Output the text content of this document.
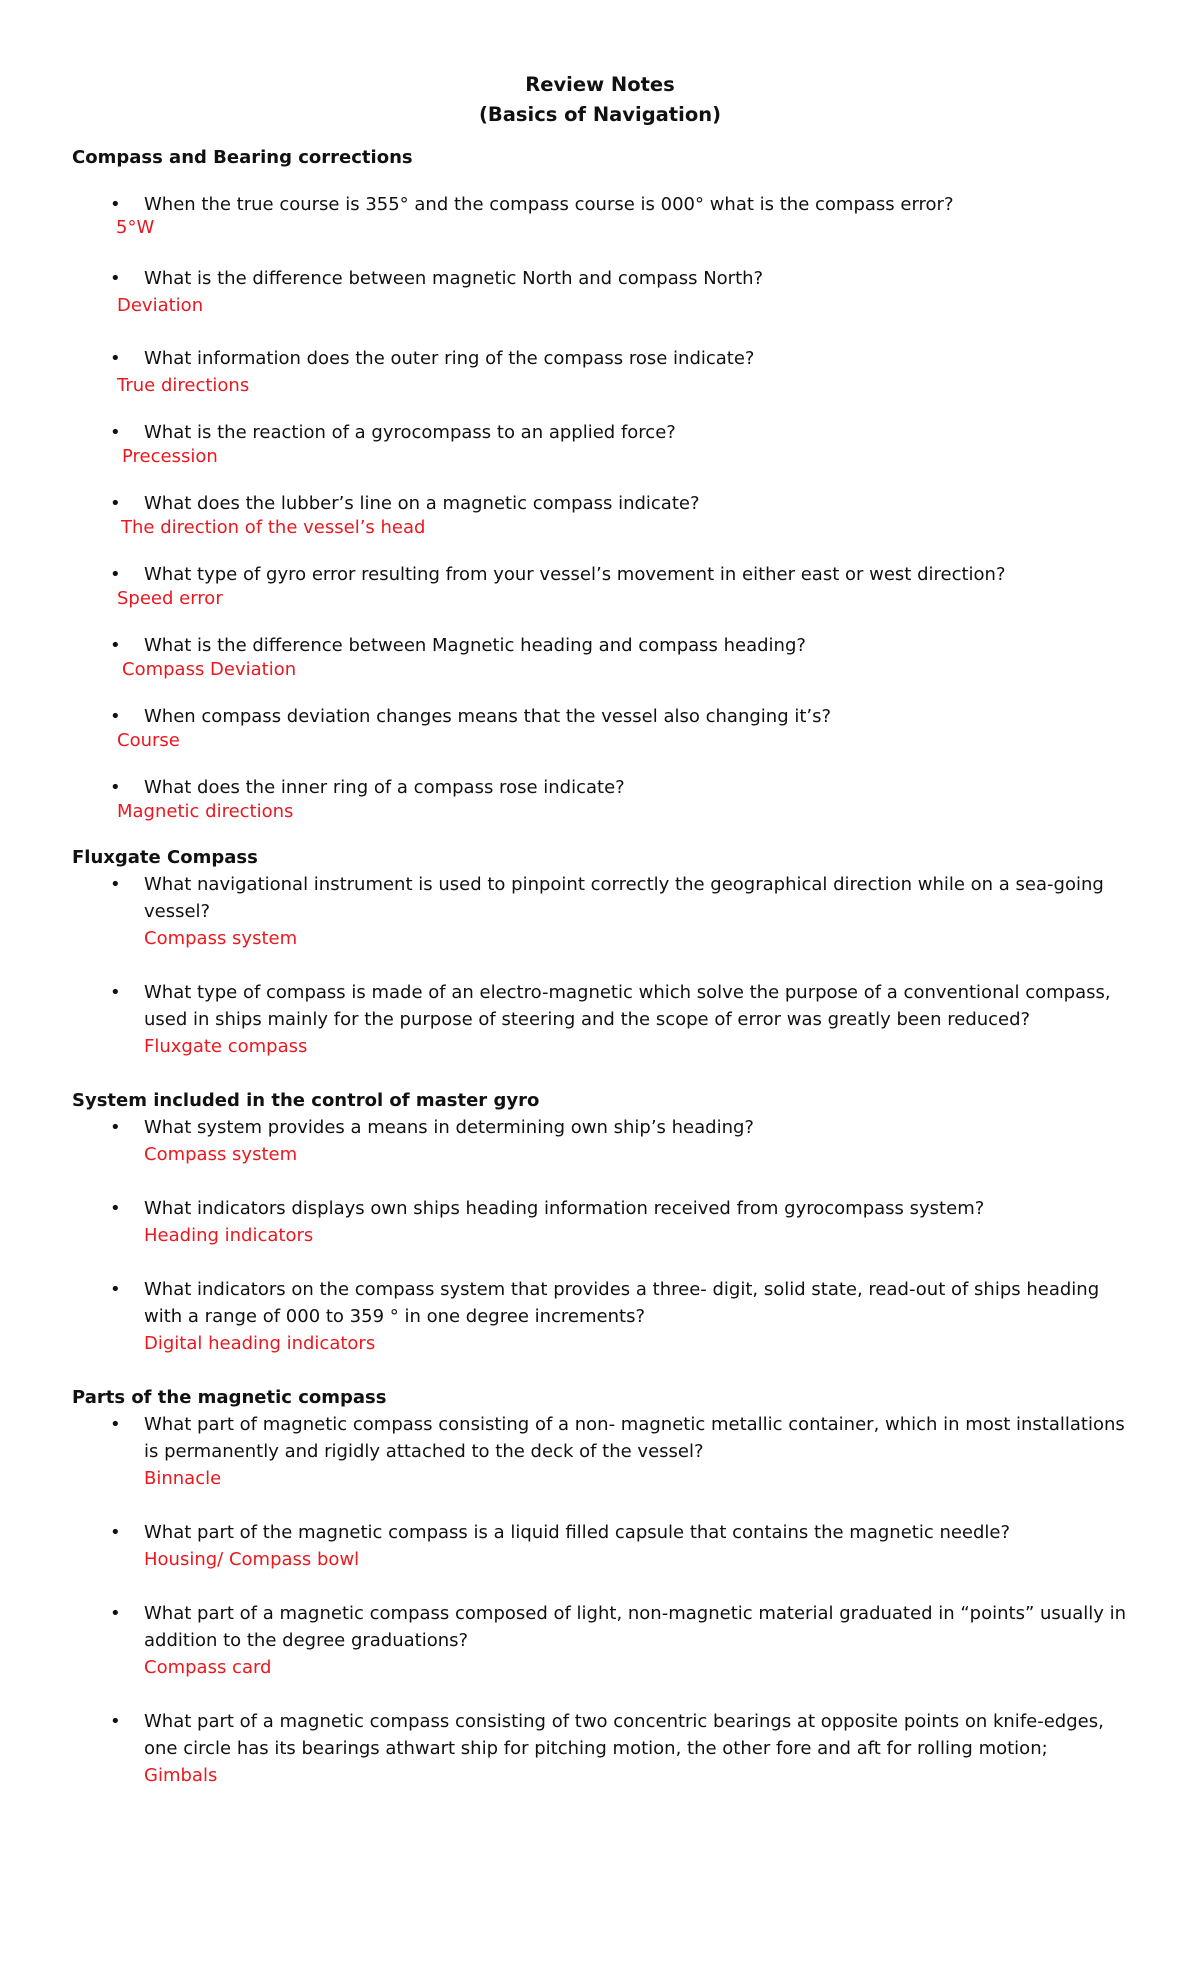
Review Notes
(Basics of Navigation)
Compass and Bearing corrections
• When the true course is 355° and the compass course is 000° what is the compass error?
5°W
• What is the difference between magnetic North and compass North?
Deviation
• What information does the outer ring of the compass rose indicate?
True directions
• What is the reaction of a gyrocompass to an applied force?
Precession
• What does the lubber’s line on a magnetic compass indicate?
The direction of the vessel’s head
• What type of gyro error resulting from your vessel’s movement in either east or west direction?
Speed error
• What is the difference between Magnetic heading and compass heading?
Compass Deviation
• When compass deviation changes means that the vessel also changing it’s?
Course
• What does the inner ring of a compass rose indicate?
Magnetic directions
Fluxgate Compass
• What navigational instrument is used to pinpoint correctly the geographical direction while on a sea-going vessel?
Compass system
• What type of compass is made of an electro-magnetic which solve the purpose of a conventional compass, used in ships mainly for the purpose of steering and the scope of error was greatly been reduced?
Fluxgate compass
System included in the control of master gyro
• What system provides a means in determining own ship’s heading?
Compass system
• What indicators displays own ships heading information received from gyrocompass system?
Heading indicators
• What indicators on the compass system that provides a three- digit, solid state, read-out of ships heading with a range of 000 to 359 ° in one degree increments?
Digital heading indicators
Parts of the magnetic compass
• What part of magnetic compass consisting of a non- magnetic metallic container, which in most installations is permanently and rigidly attached to the deck of the vessel?
Binnacle
• What part of the magnetic compass is a liquid filled capsule that contains the magnetic needle?
Housing/ Compass bowl
• What part of a magnetic compass composed of light, non-magnetic material graduated in “points” usually in addition to the degree graduations?
Compass card
• What part of a magnetic compass consisting of two concentric bearings at opposite points on knife-edges, one circle has its bearings athwart ship for pitching motion, the other fore and aft for rolling motion;
Gimbals
